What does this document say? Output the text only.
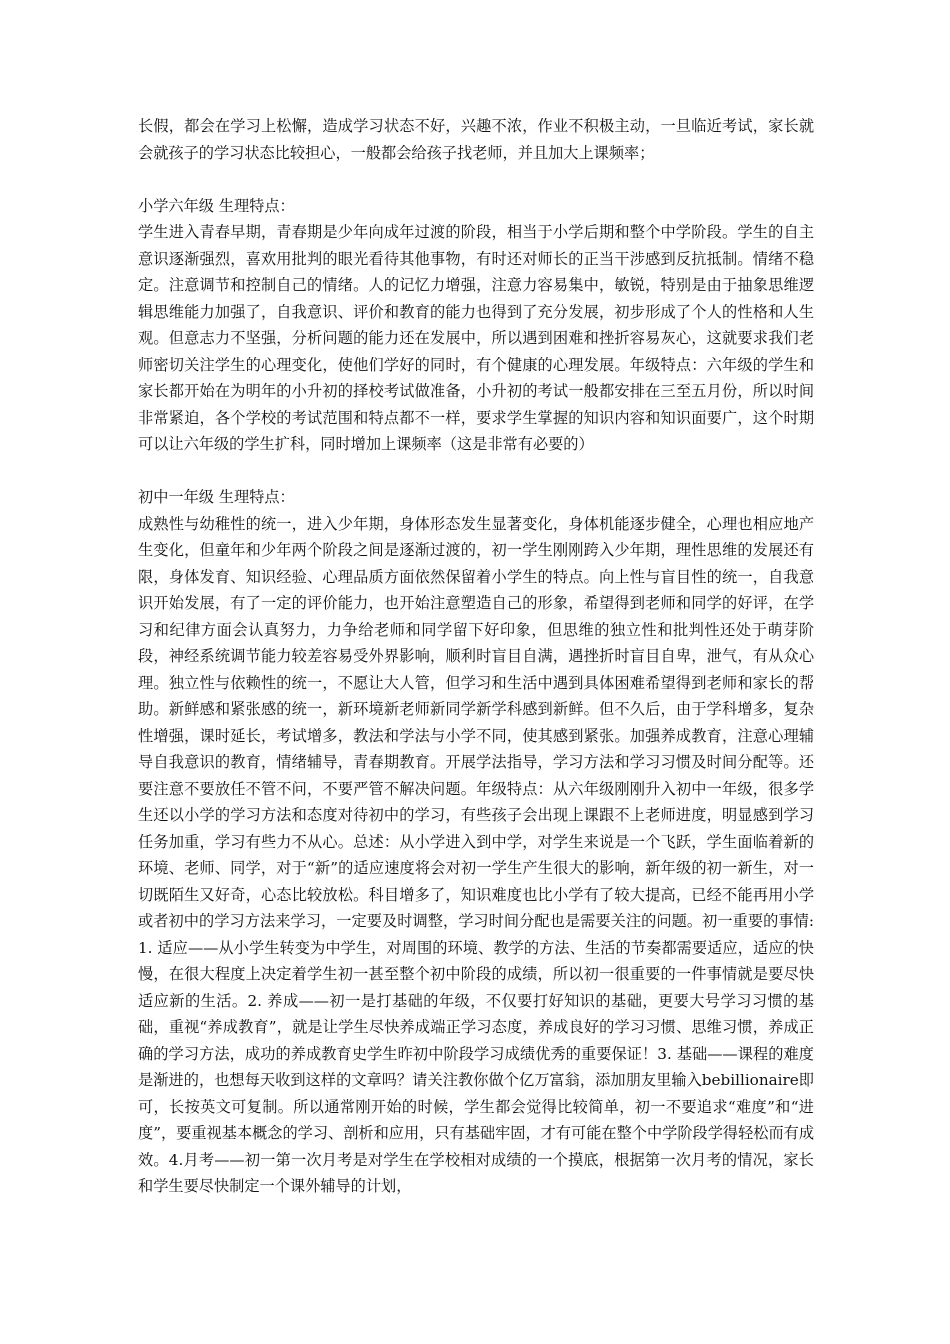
长假，都会在学习上松懈，造成学习状态不好，兴趣不浓，作业不积极主动，一旦临近考试，家长就会就孩子的学习状态比较担心，一般都会给孩子找老师，并且加大上课频率；

小学六年级 生理特点：

学生进入青春早期，青春期是少年向成年过渡的阶段，相当于小学后期和整个中学阶段。学生的自主意识逐渐强烈，喜欢用批判的眼光看待其他事物，有时还对师长的正当干涉感到反抗抵制。情绪不稳定。注意调节和控制自己的情绪。人的记忆力增强，注意力容易集中，敏锐，特别是由于抽象思维逻辑思维能力加强了，自我意识、评价和教育的能力也得到了充分发展，初步形成了个人的性格和人生观。但意志力不坚强，分析问题的能力还在发展中，所以遇到困难和挫折容易灰心，这就要求我们老师密切关注学生的心理变化，使他们学好的同时，有个健康的心理发展。年级特点：六年级的学生和家长都开始在为明年的小升初的择校考试做准备，小升初的考试一般都安排在三至五月份，所以时间非常紧迫，各个学校的考试范围和特点都不一样，要求学生掌握的知识内容和知识面要广，这个时期可以让六年级的学生扩科，同时增加上课频率（这是非常有必要的）

初中一年级 生理特点：

成熟性与幼稚性的统一，进入少年期，身体形态发生显著变化，身体机能逐步健全，心理也相应地产生变化，但童年和少年两个阶段之间是逐渐过渡的，初一学生刚刚跨入少年期，理性思维的发展还有限，身体发育、知识经验、心理品质方面依然保留着小学生的特点。向上性与盲目性的统一，自我意识开始发展，有了一定的评价能力，也开始注意塑造自己的形象，希望得到老师和同学的好评，在学习和纪律方面会认真努力，力争给老师和同学留下好印象，但思维的独立性和批判性还处于萌芽阶段，神经系统调节能力较差容易受外界影响，顺利时盲目自满，遇挫折时盲目自卑，泄气，有从众心理。独立性与依赖性的统一，不愿让大人管，但学习和生活中遇到具体困难希望得到老师和家长的帮助。新鲜感和紧张感的统一，新环境新老师新同学新学科感到新鲜。但不久后，由于学科增多，复杂性增强，课时延长，考试增多，教法和学法与小学不同，使其感到紧张。加强养成教育，注意心理辅导自我意识的教育，情绪辅导，青春期教育。开展学法指导，学习方法和学习习惯及时间分配等。还要注意不要放任不管不问，不要严管不解决问题。年级特点：从六年级刚刚升入初中一年级，很多学生还以小学的学习方法和态度对待初中的学习，有些孩子会出现上课跟不上老师进度，明显感到学习任务加重，学习有些力不从心。总述：从小学进入到中学，对学生来说是一个飞跃，学生面临着新的环境、老师、同学，对于“新”的适应速度将会对初一学生产生很大的影响，新年级的初一新生，对一切既陌生又好奇，心态比较放松。科目增多了，知识难度也比小学有了较大提高，已经不能再用小学或者初中的学习方法来学习，一定要及时调整，学习时间分配也是需要关注的问题。初一重要的事情:1. 适应——从小学生转变为中学生，对周围的环境、教学的方法、生活的节奏都需要适应，适应的快慢，在很大程度上决定着学生初一甚至整个初中阶段的成绩，所以初一很重要的一件事情就是要尽快适应新的生活。2. 养成——初一是打基础的年级，不仅要打好知识的基础，更要大号学习习惯的基础，重视“养成教育”，就是让学生尽快养成端正学习态度，养成良好的学习习惯、思维习惯，养成正确的学习方法，成功的养成教育史学生昨初中阶段学习成绩优秀的重要保证！3. 基础——课程的难度是渐进的，也想每天收到这样的文章吗？请关注教你做个亿万富翁，添加朋友里输入bebillionaire即可，长按英文可复制。所以通常刚开始的时候，学生都会觉得比较简单，初一不要追求“难度”和“进度”，要重视基本概念的学习、剖析和应用，只有基础牢固，才有可能在整个中学阶段学得轻松而有成效。4.月考——初一第一次月考是对学生在学校相对成绩的一个摸底，根据第一次月考的情况，家长和学生要尽快制定一个课外辅导的计划，
